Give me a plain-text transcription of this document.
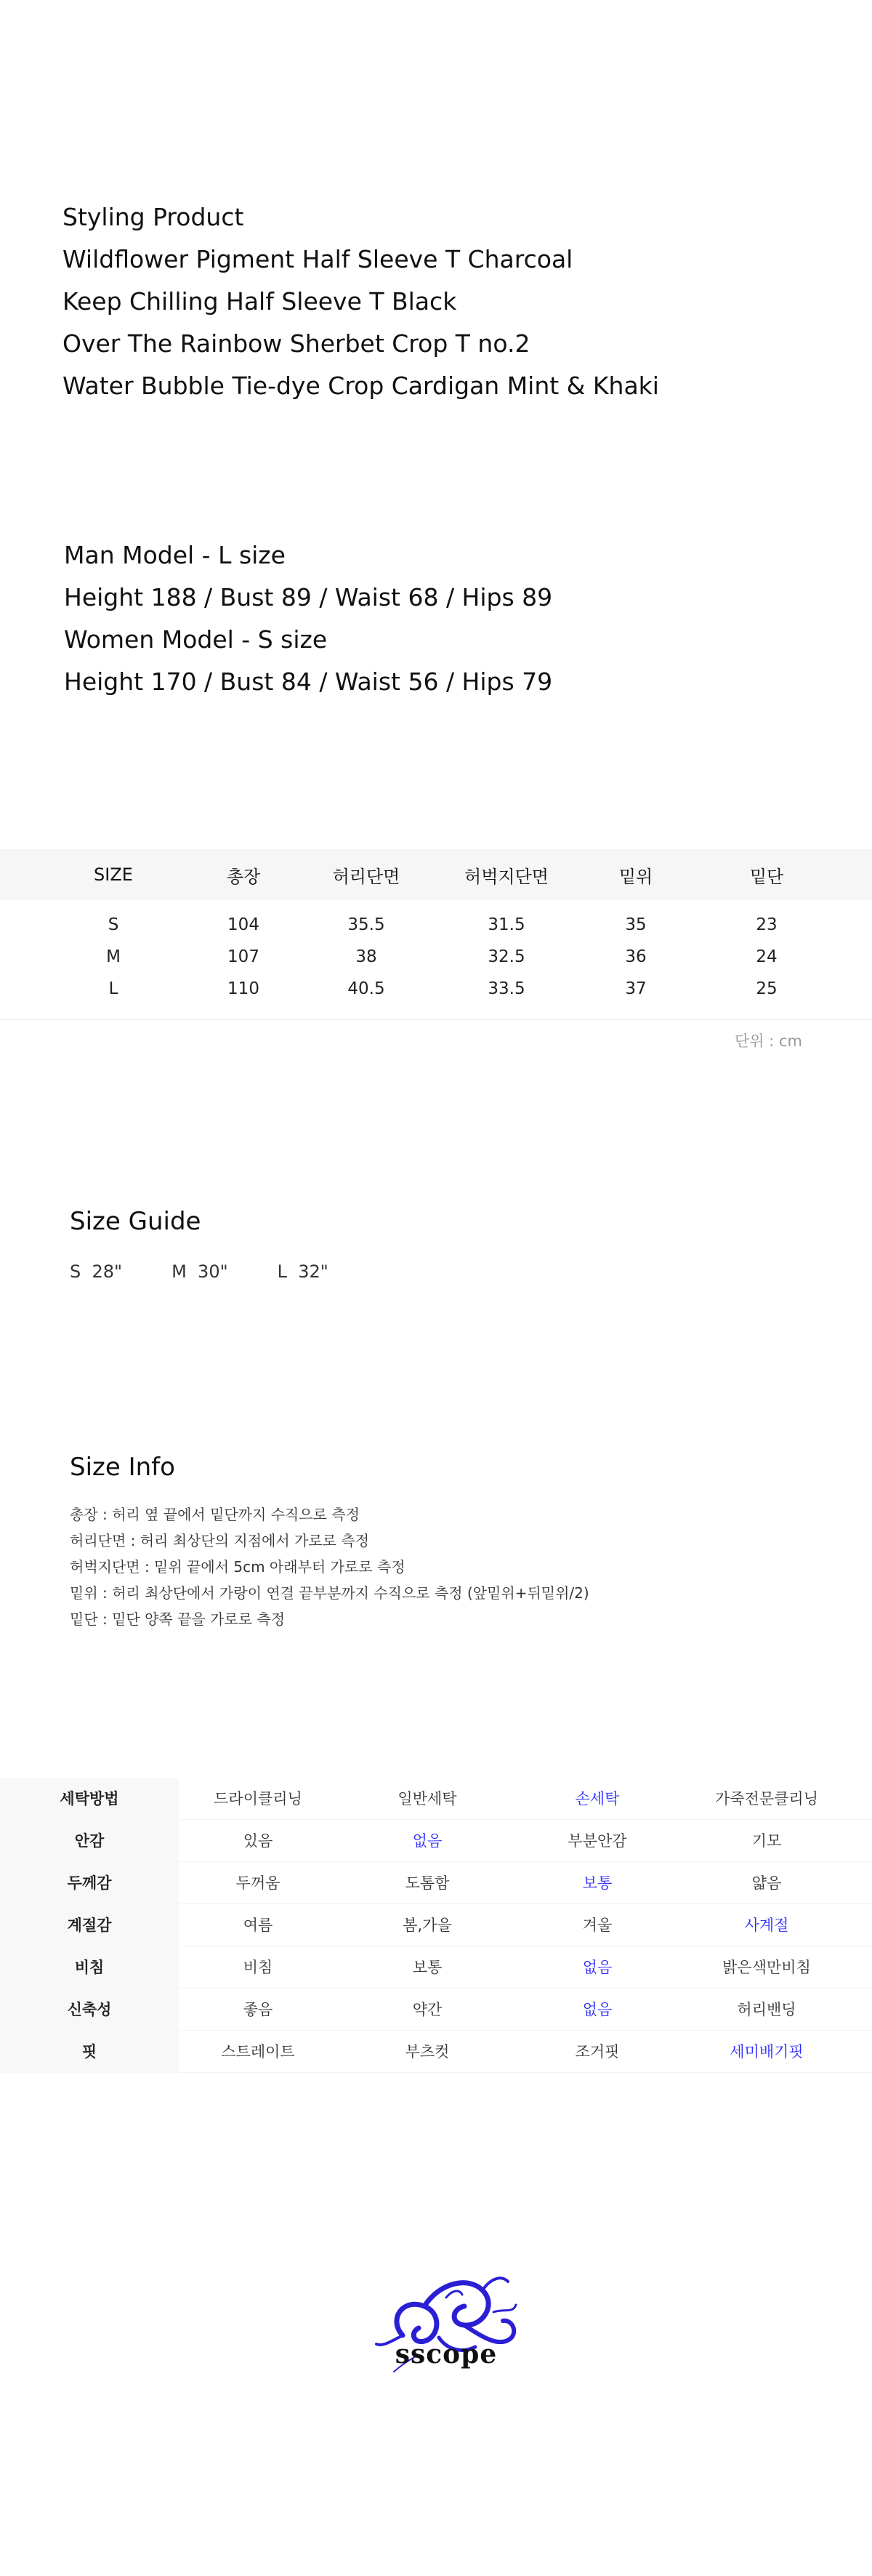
Styling Product
Wildflower Pigment Half Sleeve T Charcoal
Keep Chilling Half Sleeve T Black
Over The Rainbow Sherbet Crop T no.2
Water Bubble Tie-dye Crop Cardigan Mint & Khaki
Man Model - L size
Height 188 / Bust 89 / Waist 68 / Hips 89
Women Model - S size
Height 170 / Bust 84 / Waist 56 / Hips 79
SIZE	총장	허리단면	허벅지단면	밑위	밑단
S	104	35.5	31.5	35	23
M	107	38	32.5	36	24
L	110	40.5	33.5	37	25
단위 : cm
Size Guide
S  28"	M  30"	L  32"
Size Info
총장 : 허리 옆 끝에서 밑단까지 수직으로 측정
허리단면 : 허리 최상단의 지점에서 가로로 측정
허벅지단면 : 밑위 끝에서 5cm 아래부터 가로로 측정
밑위 : 허리 최상단에서 가랑이 연결 끝부분까지 수직으로 측정 (앞밑위+뒤밑위/2)
밑단 : 밑단 양쪽 끝을 가로로 측정
세탁방법	드라이클리닝	일반세탁	손세탁	가죽전문클리닝
안감	있음	없음	부분안감	기모
두께감	두꺼움	도톰함	보통	얇음
계절감	여름	봄,가을	겨울	사계절
비침	비침	보통	없음	밝은색만비침
신축성	좋음	약간	없음	허리밴딩
핏	스트레이트	부츠컷	조거핏	세미배기핏
sscope
